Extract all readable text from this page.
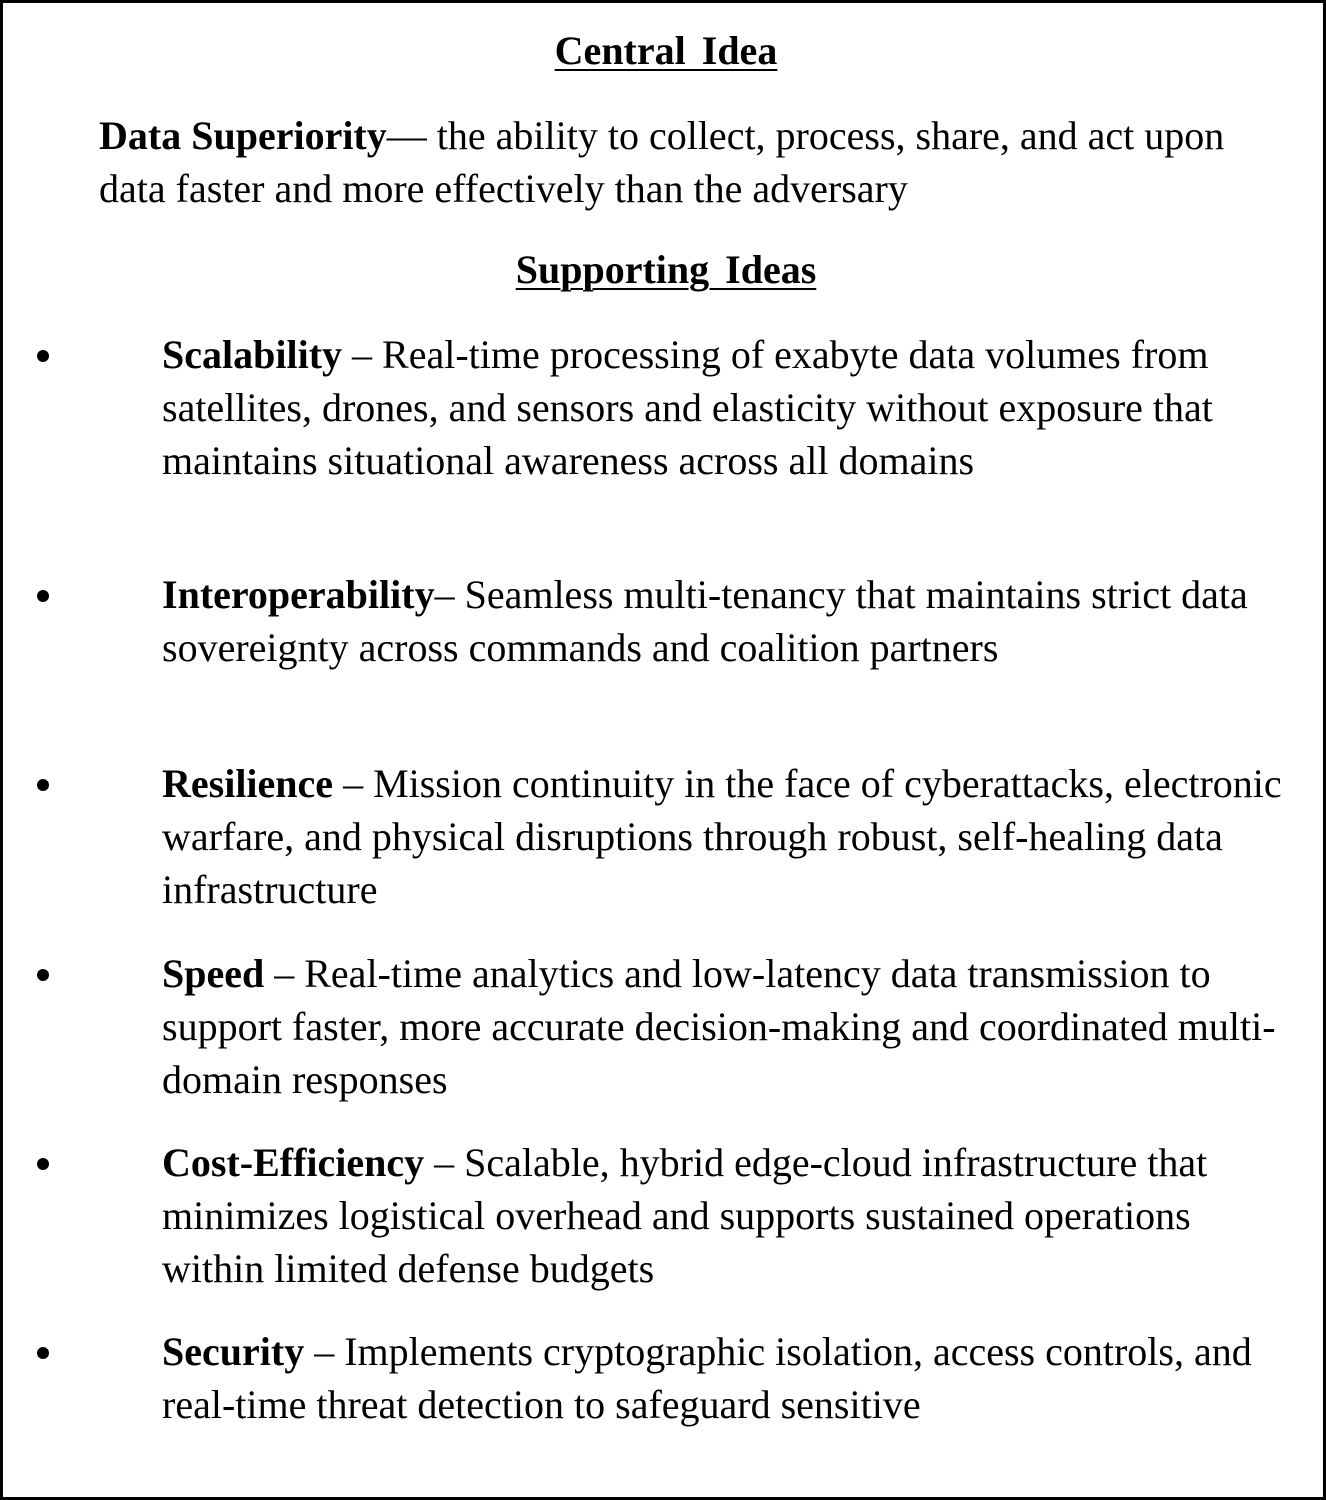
Central Idea

Data Superiority— the ability to collect, process, share, and act upon data faster and more effectively than the adversary

Supporting Ideas

Scalability – Real-time processing of exabyte data volumes from satellites, drones, and sensors and elasticity without exposure that maintains situational awareness across all domains

Interoperability– Seamless multi-tenancy that maintains strict data sovereignty across commands and coalition partners

Resilience – Mission continuity in the face of cyberattacks, electronic warfare, and physical disruptions through robust, self-healing data infrastructure

Speed – Real-time analytics and low-latency data transmission to support faster, more accurate decision-making and coordinated multi-domain responses

Cost-Efficiency – Scalable, hybrid edge-cloud infrastructure that minimizes logistical overhead and supports sustained operations within limited defense budgets

Security – Implements cryptographic isolation, access controls, and real-time threat detection to safeguard sensitive
